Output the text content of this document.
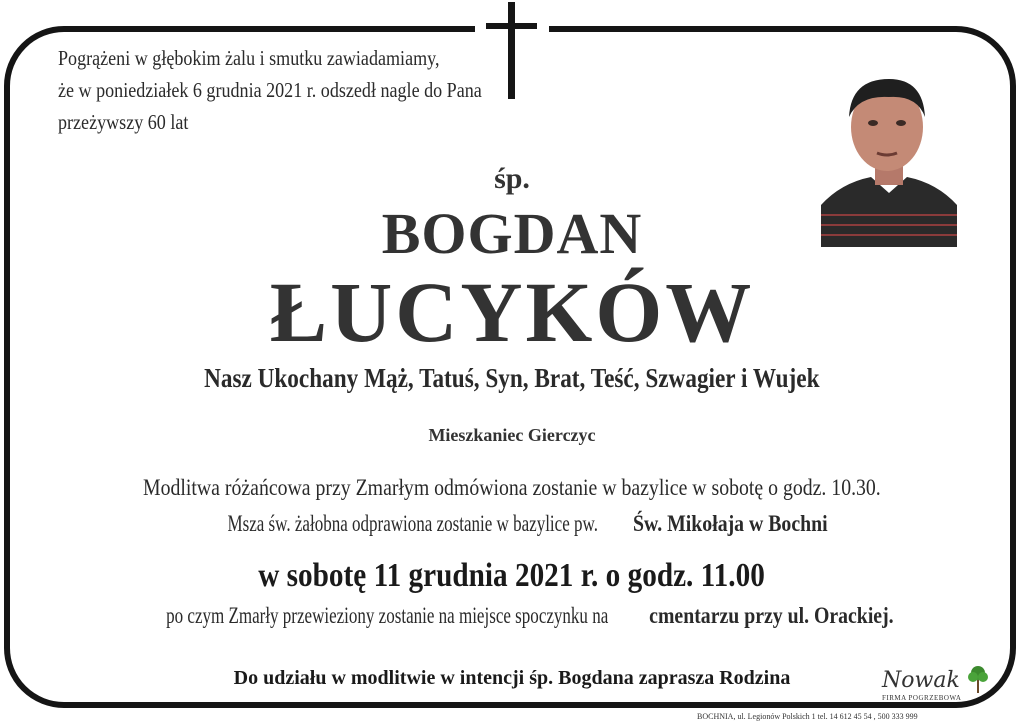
Pogrążeni w głębokim żalu i smutku zawiadamiamy,
że w poniedziałek 6 grudnia 2021 r. odszedł nagle do Pana
przeżywszy 60 lat
śp.
BOGDAN
ŁUCYKÓW
Nasz Ukochany Mąż, Tatuś, Syn, Brat, Teść, Szwagier i Wujek
Mieszkaniec Gierczyc
Modlitwa różańcowa przy Zmarłym odmówiona zostanie w bazylice w sobotę o godz. 10.30.
Msza św. żałobna odprawiona zostanie w bazylice pw. Św. Mikołaja w Bochni
w sobotę 11 grudnia 2021 r. o godz. 11.00
po czym Zmarły przewieziony zostanie na miejsce spoczynku na cmentarzu przy ul. Orackiej.
Do udziału w modlitwie w intencji śp. Bogdana zaprasza Rodzina	Nowak
FIRMA POGRZEBOWA
BOCHNIA, ul. Legionów Polskich 1 tel. 14 612 45 54 , 500 333 999
